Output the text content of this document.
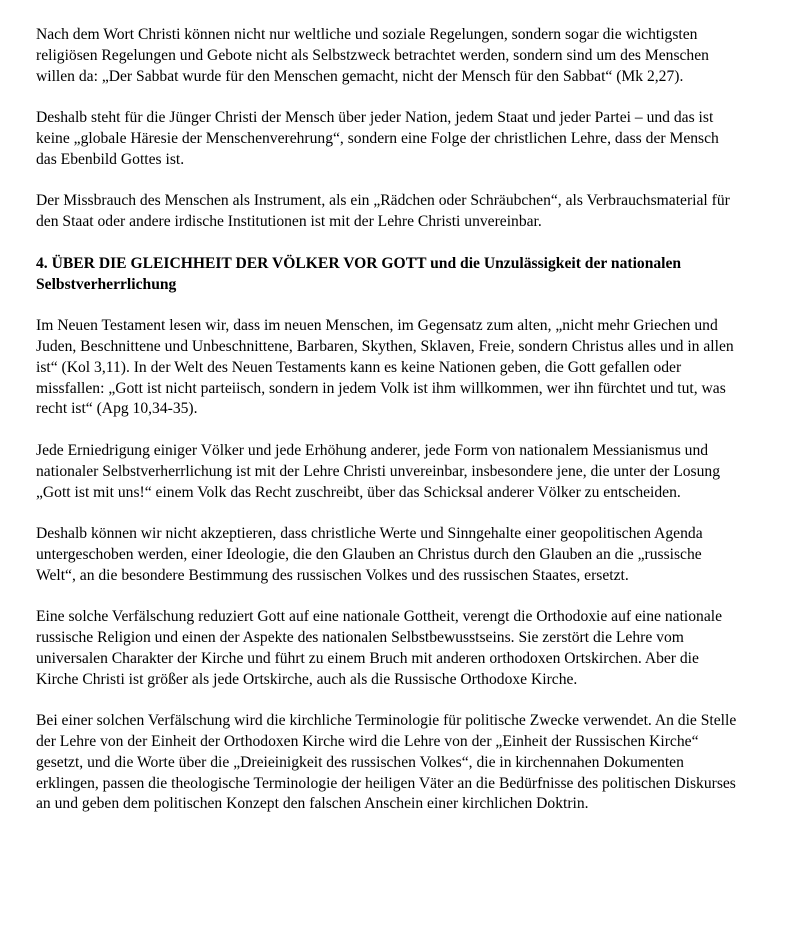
Nach dem Wort Christi können nicht nur weltliche und soziale Regelungen, sondern sogar die wichtigsten religiösen Regelungen und Gebote nicht als Selbstzweck betrachtet werden, sondern sind um des Menschen willen da: „Der Sabbat wurde für den Menschen gemacht, nicht der Mensch für den Sabbat“ (Mk 2,27).

Deshalb steht für die Jünger Christi der Mensch über jeder Nation, jedem Staat und jeder Partei – und das ist keine „globale Häresie der Menschenverehrung“, sondern eine Folge der christlichen Lehre, dass der Mensch das Ebenbild Gottes ist.

Der Missbrauch des Menschen als Instrument, als ein „Rädchen oder Schräubchen“, als Verbrauchsmaterial für den Staat oder andere irdische Institutionen ist mit der Lehre Christi unvereinbar.

4. ÜBER DIE GLEICHHEIT DER VÖLKER VOR GOTT und die Unzulässigkeit der nationalen Selbstverherrlichung

Im Neuen Testament lesen wir, dass im neuen Menschen, im Gegensatz zum alten, „nicht mehr Griechen und Juden, Beschnittene und Unbeschnittene, Barbaren, Skythen, Sklaven, Freie, sondern Christus alles und in allen ist“ (Kol 3,11). In der Welt des Neuen Testaments kann es keine Nationen geben, die Gott gefallen oder missfallen: „Gott ist nicht parteiisch, sondern in jedem Volk ist ihm willkommen, wer ihn fürchtet und tut, was recht ist“ (Apg 10,34-35).

Jede Erniedrigung einiger Völker und jede Erhöhung anderer, jede Form von nationalem Messianismus und nationaler Selbstverherrlichung ist mit der Lehre Christi unvereinbar, insbesondere jene, die unter der Losung „Gott ist mit uns!“ einem Volk das Recht zuschreibt, über das Schicksal anderer Völker zu entscheiden.

Deshalb können wir nicht akzeptieren, dass christliche Werte und Sinngehalte einer geopolitischen Agenda untergeschoben werden, einer Ideologie, die den Glauben an Christus durch den Glauben an die „russische Welt“, an die besondere Bestimmung des russischen Volkes und des russischen Staates, ersetzt.

Eine solche Verfälschung reduziert Gott auf eine nationale Gottheit, verengt die Orthodoxie auf eine nationale russische Religion und einen der Aspekte des nationalen Selbstbewusstseins. Sie zerstört die Lehre vom universalen Charakter der Kirche und führt zu einem Bruch mit anderen orthodoxen Ortskirchen. Aber die Kirche Christi ist größer als jede Ortskirche, auch als die Russische Orthodoxe Kirche.

Bei einer solchen Verfälschung wird die kirchliche Terminologie für politische Zwecke verwendet. An die Stelle der Lehre von der Einheit der Orthodoxen Kirche wird die Lehre von der „Einheit der Russischen Kirche“ gesetzt, und die Worte über die „Dreieinigkeit des russischen Volkes“, die in kirchennahen Dokumenten erklingen, passen die theologische Terminologie der heiligen Väter an die Bedürfnisse des politischen Diskurses an und geben dem politischen Konzept den falschen Anschein einer kirchlichen Doktrin.
